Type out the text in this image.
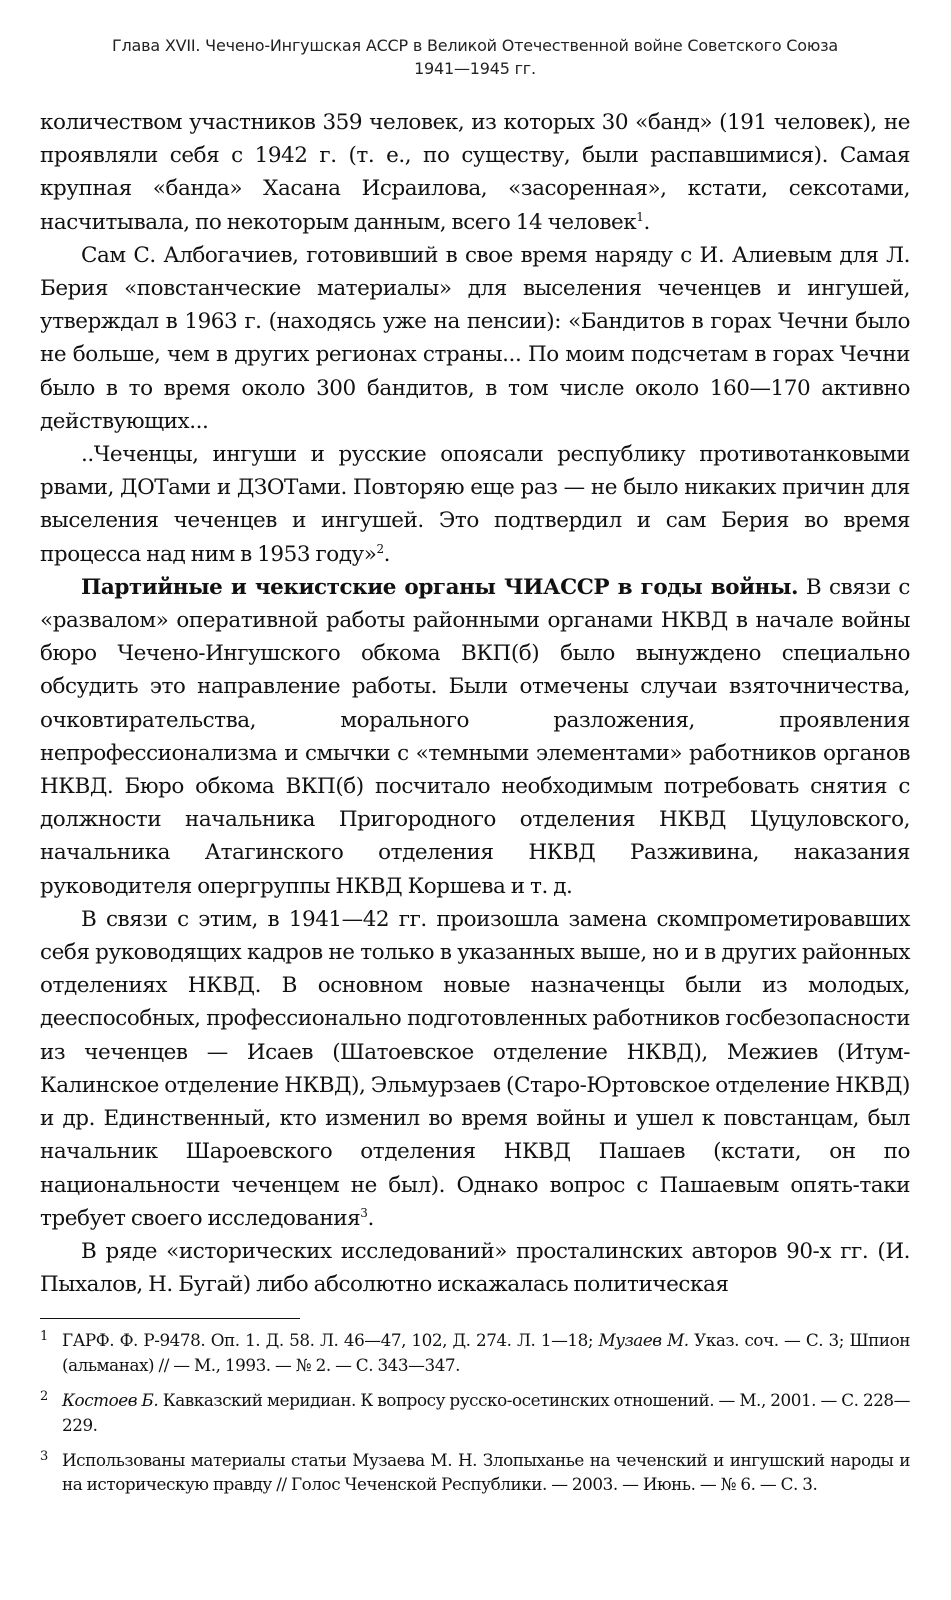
Глава XVII. Чечено-Ингушская АССР в Великой Отечественной войне Советского Союза
1941—1945 гг.

количеством участников 359 человек, из которых 30 «банд» (191 человек), не проявляли себя с 1942 г. (т. е., по существу, были распавшимися). Самая крупная «банда» Хасана Исраилова, «засоренная», кстати, сексотами, насчитывала, по некоторым данным, всего 14 человек$^1$.

Сам С. Албогачиев, готовивший в свое время наряду с И. Алиевым для Л. Берия «повстанческие материалы» для выселения чеченцев и ингушей, утверждал в 1963 г. (находясь уже на пенсии): «Бандитов в горах Чечни было не больше, чем в других регионах страны... По моим подсчетам в горах Чечни было в то время около 300 бандитов, в том числе около 160—170 активно действующих...

..Чеченцы, ингуши и русские опоясали республику противотанковыми рвами, ДОТами и ДЗОТами. Повторяю еще раз — не было никаких причин для выселения чеченцев и ингушей. Это подтвердил и сам Берия во время процесса над ним в 1953 году»$^2$.

Партийные и чекистские органы ЧИАССР в годы войны. В связи с «развалом» оперативной работы районными органами НКВД в начале войны бюро Чечено-Ингушского обкома ВКП(б) было вынуждено специально обсудить это направление работы. Были отмечены случаи взяточничества, очковтирательства, морального разложения, проявления непрофессионализма и смычки с «темными элементами» работников органов НКВД. Бюро обкома ВКП(б) посчитало необходимым потребовать снятия с должности начальника Пригородного отделения НКВД Цуцуловского, начальника Атагинского отделения НКВД Разживина, наказания руководителя опергруппы НКВД Коршева и т. д.

В связи с этим, в 1941—42 гг. произошла замена скомпрометировавших себя руководящих кадров не только в указанных выше, но и в других районных отделениях НКВД. В основном новые назначенцы были из молодых, дееспособных, профессионально подготовленных работников госбезопасности из чеченцев — Исаев (Шатоевское отделение НКВД), Межиев (Итум-Калинское отделение НКВД), Эльмурзаев (Старо-Юртовское отделение НКВД) и др. Единственный, кто изменил во время войны и ушел к повстанцам, был начальник Шароевского отделения НКВД Пашаев (кстати, он по национальности чеченцем не был). Однако вопрос с Пашаевым опять-таки требует своего исследования$^3$.

В ряде «исторических исследований» просталинских авторов 90-х гг. (И. Пыхалов, Н. Бугай) либо абсолютно искажалась политическая

1 ГАРФ. Ф. Р-9478. Оп. 1. Д. 58. Л. 46—47, 102, Д. 274. Л. 1—18; Музаев М. Указ. соч. — С. 3; Шпион (альманах) // — М., 1993. — № 2. — С. 343—347.
2 Костоев Б. Кавказский меридиан. К вопросу русско-осетинских отношений. — М., 2001. — С. 228—229.
3 Использованы материалы статьи Музаева М. Н. Злопыханье на чеченский и ингушский народы и на историческую правду // Голос Чеченской Республики. — 2003. — Июнь. — № 6. — С. 3.
